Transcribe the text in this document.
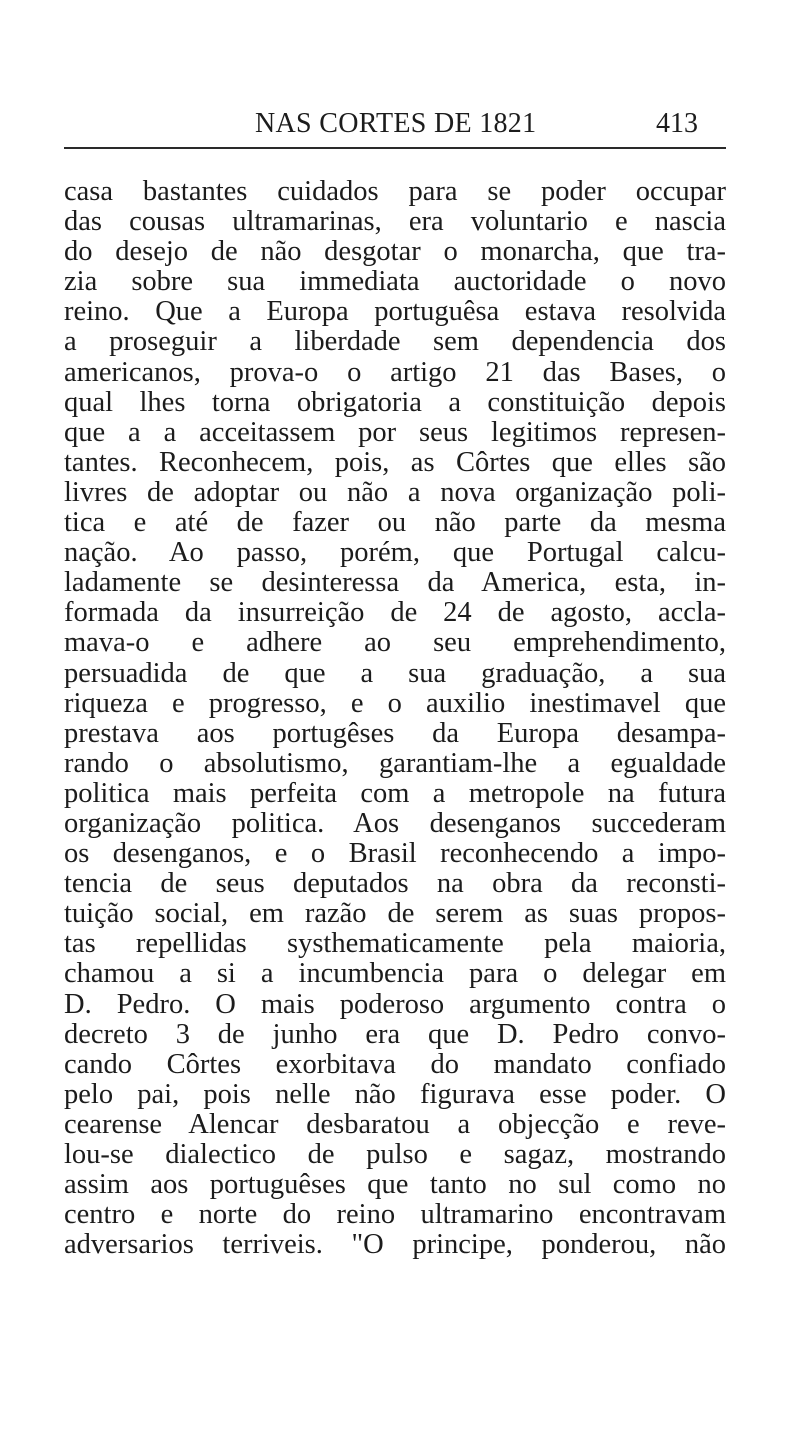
NAS CORTES DE 1821	413
casa bastantes cuidados para se poder occupar
das cousas ultramarinas, era voluntario e nascia
do desejo de não desgotar o monarcha, que tra-
zia sobre sua immediata auctoridade o novo
reino. Que a Europa portuguêsa estava resolvida
a proseguir a liberdade sem dependencia dos
americanos, prova-o o artigo 21 das Bases, o
qual lhes torna obrigatoria a constituição depois
que a a acceitassem por seus legitimos represen-
tantes. Reconhecem, pois, as Côrtes que elles são
livres de adoptar ou não a nova organização poli-
tica e até de fazer ou não parte da mesma
nação. Ao passo, porém, que Portugal calcu-
ladamente se desinteressa da America, esta, in-
formada da insurreição de 24 de agosto, accla-
mava-o e adhere ao seu emprehendimento,
persuadida de que a sua graduação, a sua
riqueza e progresso, e o auxilio inestimavel que
prestava aos portugêses da Europa desampa-
rando o absolutismo, garantiam-lhe a egualdade
politica mais perfeita com a metropole na futura
organização politica. Aos desenganos succederam
os desenganos, e o Brasil reconhecendo a impo-
tencia de seus deputados na obra da reconsti-
tuição social, em razão de serem as suas propos-
tas repellidas systhematicamente pela maioria,
chamou a si a incumbencia para o delegar em
D. Pedro. O mais poderoso argumento contra o
decreto 3 de junho era que D. Pedro convo-
cando Côrtes exorbitava do mandato confiado
pelo pai, pois nelle não figurava esse poder. O
cearense Alencar desbaratou a objecção e reve-
lou-se dialectico de pulso e sagaz, mostrando
assim aos portuguêses que tanto no sul como no
centro e norte do reino ultramarino encontravam
adversarios terriveis. "O principe, ponderou, não
